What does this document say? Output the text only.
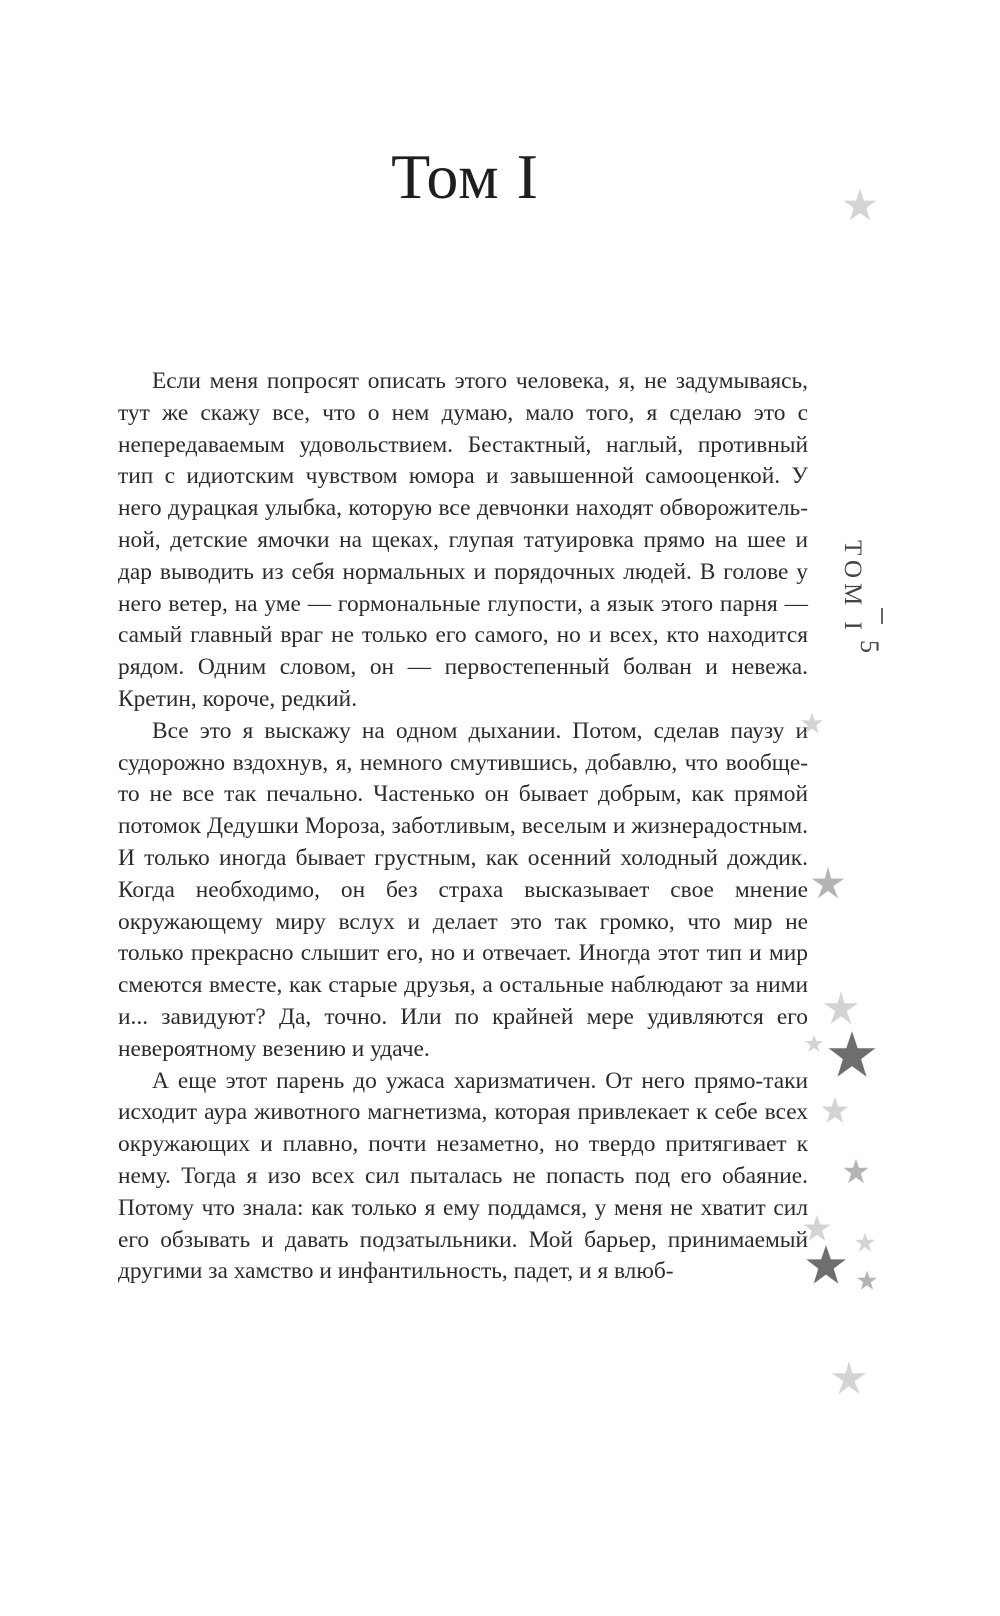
Том I

Если меня попросят описать этого человека, я, не задумываясь, тут же скажу все, что о нем думаю, мало того, я сделаю это с непередаваемым удовольствием. Бестактный, наглый, противный тип с идиотским чувством юмора и завышенной самооценкой. У него дурацкая улыбка, которую все девчонки находят обворожительной, детские ямочки на щеках, глупая татуировка прямо на шее и дар выводить из себя нормальных и порядочных людей. В голове у него ветер, на уме — гормональные глупости, а язык этого парня — самый главный враг не только его самого, но и всех, кто находится рядом. Одним словом, он — первостепенный болван и невежа. Кретин, короче, редкий.

Все это я выскажу на одном дыхании. Потом, сделав паузу и судорожно вздохнув, я, немного смутившись, добавлю, что вообще-то не все так печально. Частенько он бывает добрым, как прямой потомок Дедушки Мороза, заботливым, веселым и жизнерадостным. И только иногда бывает грустным, как осенний холодный дождик. Когда необходимо, он без страха высказывает свое мнение окружающему миру вслух и делает это так громко, что мир не только прекрасно слышит его, но и отвечает. Иногда этот тип и мир смеются вместе, как старые друзья, а остальные наблюдают за ними и... завидуют? Да, точно. Или по крайней мере удивляются его невероятному везению и удаче.

А еще этот парень до ужаса харизматичен. От него прямо-таки исходит аура животного магнетизма, которая привлекает к себе всех окружающих и плавно, почти незаметно, но твердо притягивает к нему. Тогда я изо всех сил пыталась не попасть под его обаяние. Потому что знала: как только я ему поддамся, у меня не хватит сил его обзывать и давать подзатыльники. Мой барьер, принимаемый другими за хамство и инфантильность, падет, и я влюб-

ТОМ I
5
